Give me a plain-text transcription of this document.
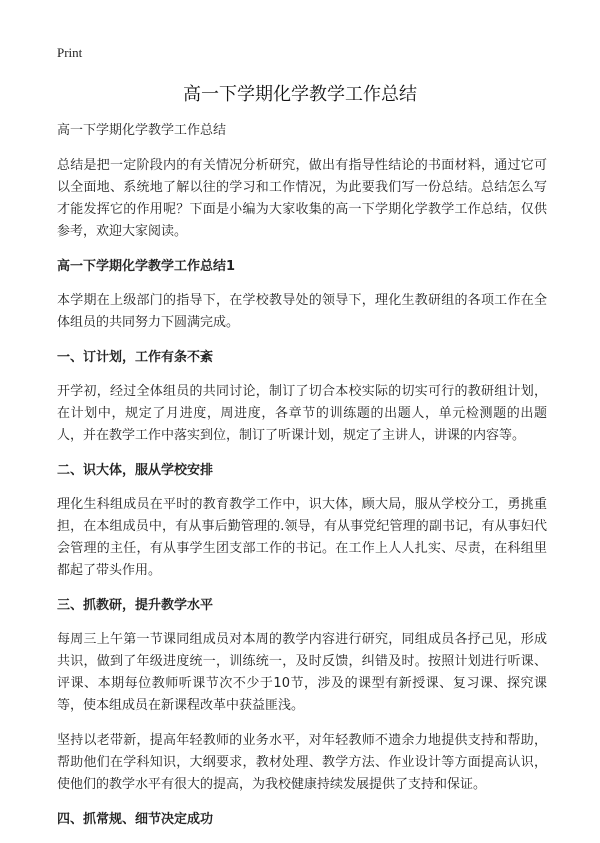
Print
高一下学期化学教学工作总结

高一下学期化学教学工作总结

总结是把一定阶段内的有关情况分析研究，做出有指导性结论的书面材料，通过它可以全面地、系统地了解以往的学习和工作情况，为此要我们写一份总结。总结怎么写才能发挥它的作用呢？下面是小编为大家收集的高一下学期化学教学工作总结，仅供参考，欢迎大家阅读。

高一下学期化学教学工作总结1

本学期在上级部门的指导下，在学校教导处的领导下，理化生教研组的各项工作在全体组员的共同努力下圆满完成。

一、订计划，工作有条不紊

开学初，经过全体组员的共同讨论，制订了切合本校实际的切实可行的教研组计划，在计划中，规定了月进度，周进度，各章节的训练题的出题人，单元检测题的出题人，并在教学工作中落实到位，制订了听课计划，规定了主讲人，讲课的内容等。

二、识大体，服从学校安排

理化生科组成员在平时的教育教学工作中，识大体，顾大局，服从学校分工，勇挑重担，在本组成员中，有从事后勤管理的.领导，有从事党纪管理的副书记，有从事妇代会管理的主任，有从事学生团支部工作的书记。在工作上人人扎实、尽责，在科组里都起了带头作用。

三、抓教研，提升教学水平

每周三上午第一节课同组成员对本周的教学内容进行研究，同组成员各抒己见，形成共识，做到了年级进度统一，训练统一，及时反馈，纠错及时。按照计划进行听课、评课、本期每位教师听课节次不少于10节，涉及的课型有新授课、复习课、探究课等，使本组成员在新课程改革中获益匪浅。

坚持以老带新，提高年轻教师的业务水平，对年轻教师不遗余力地提供支持和帮助，帮助他们在学科知识，大纲要求，教材处理、教学方法、作业设计等方面提高认识，使他们的教学水平有很大的提高，为我校健康持续发展提供了支持和保证。

四、抓常规、细节决定成功
